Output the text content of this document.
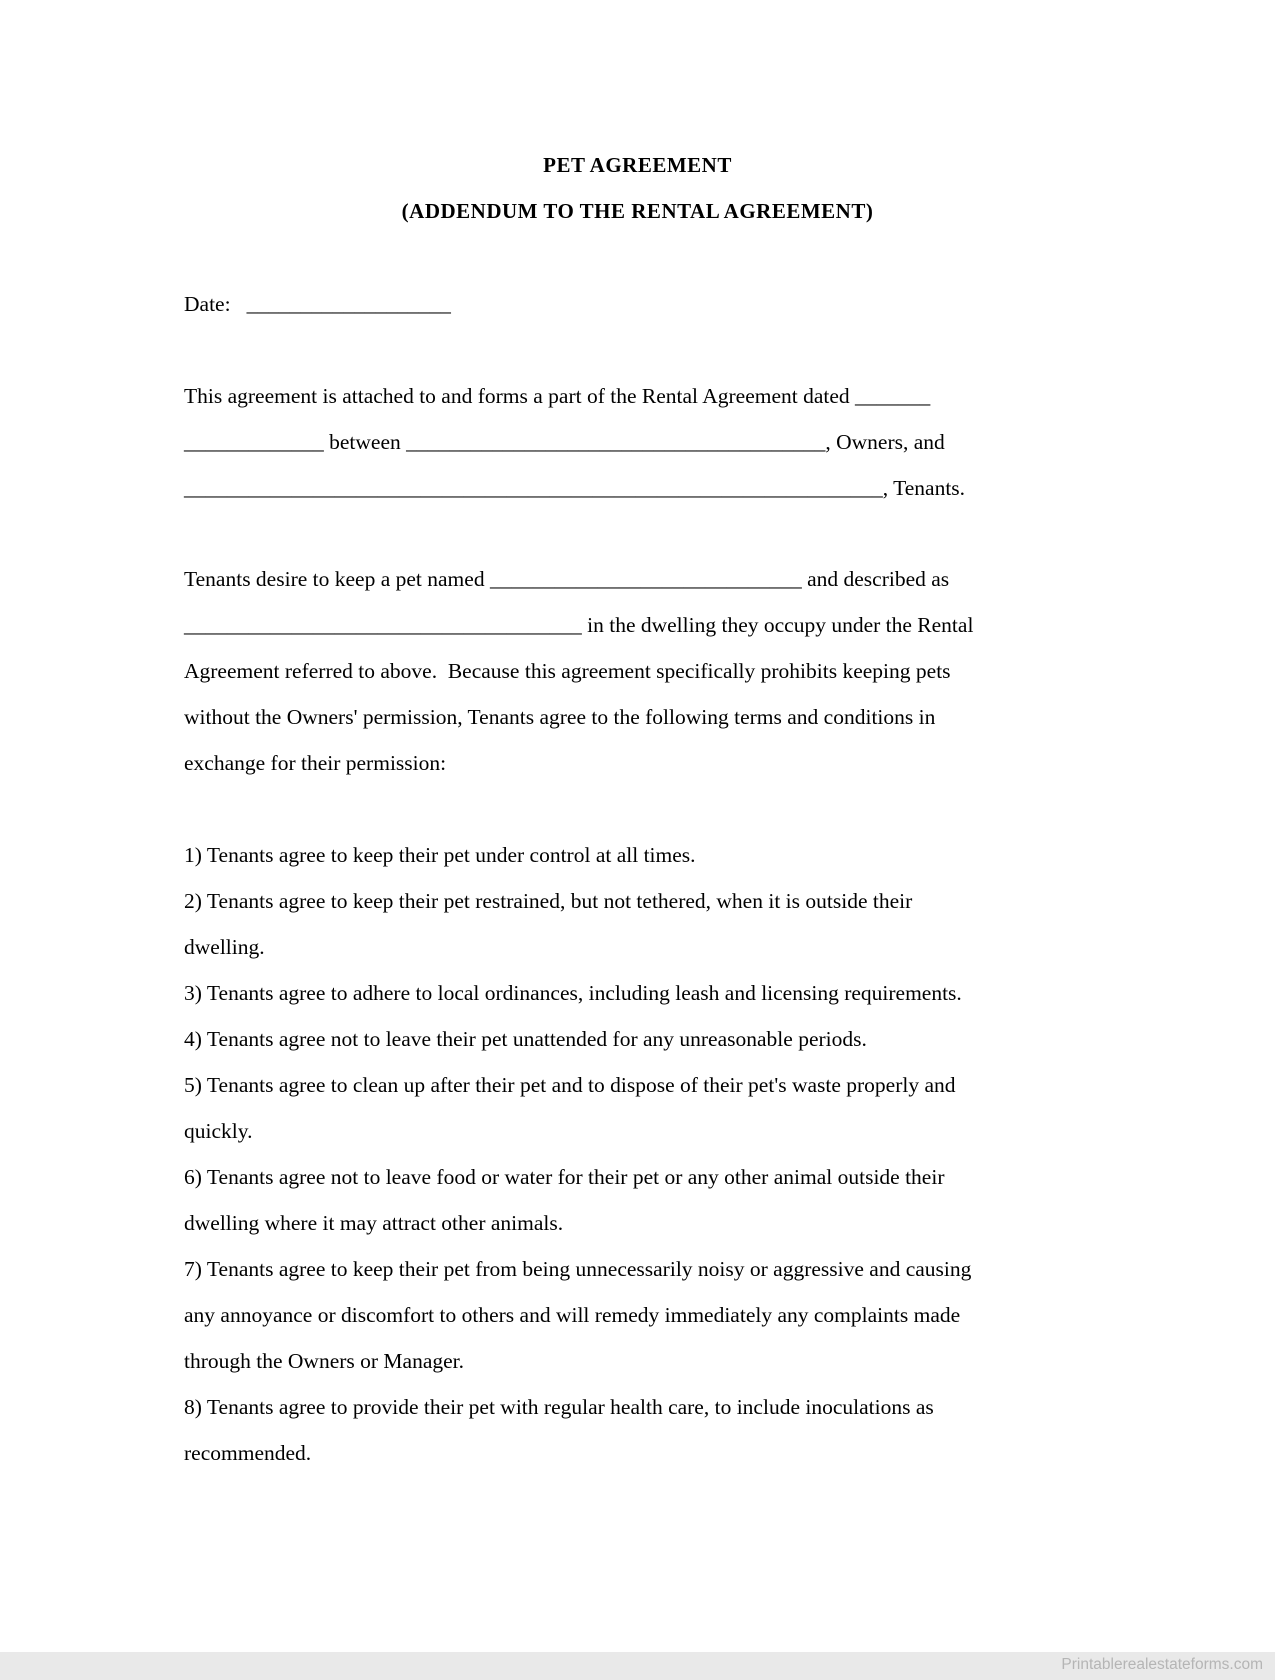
PET AGREEMENT
(ADDENDUM TO THE RENTAL AGREEMENT)
Date:   ___________________
This agreement is attached to and forms a part of the Rental Agreement dated _______
_____________ between _______________________________________, Owners, and
_________________________________________________________________, Tenants.
Tenants desire to keep a pet named _____________________________ and described as
_____________________________________ in the dwelling they occupy under the Rental
Agreement referred to above.  Because this agreement specifically prohibits keeping pets
without the Owners' permission, Tenants agree to the following terms and conditions in
exchange for their permission:
1) Tenants agree to keep their pet under control at all times.
2) Tenants agree to keep their pet restrained, but not tethered, when it is outside their
dwelling.
3) Tenants agree to adhere to local ordinances, including leash and licensing requirements.
4) Tenants agree not to leave their pet unattended for any unreasonable periods.
5) Tenants agree to clean up after their pet and to dispose of their pet's waste properly and
quickly.
6) Tenants agree not to leave food or water for their pet or any other animal outside their
dwelling where it may attract other animals.
7) Tenants agree to keep their pet from being unnecessarily noisy or aggressive and causing
any annoyance or discomfort to others and will remedy immediately any complaints made
through the Owners or Manager.
8) Tenants agree to provide their pet with regular health care, to include inoculations as
recommended.
Printablerealestateforms.com
